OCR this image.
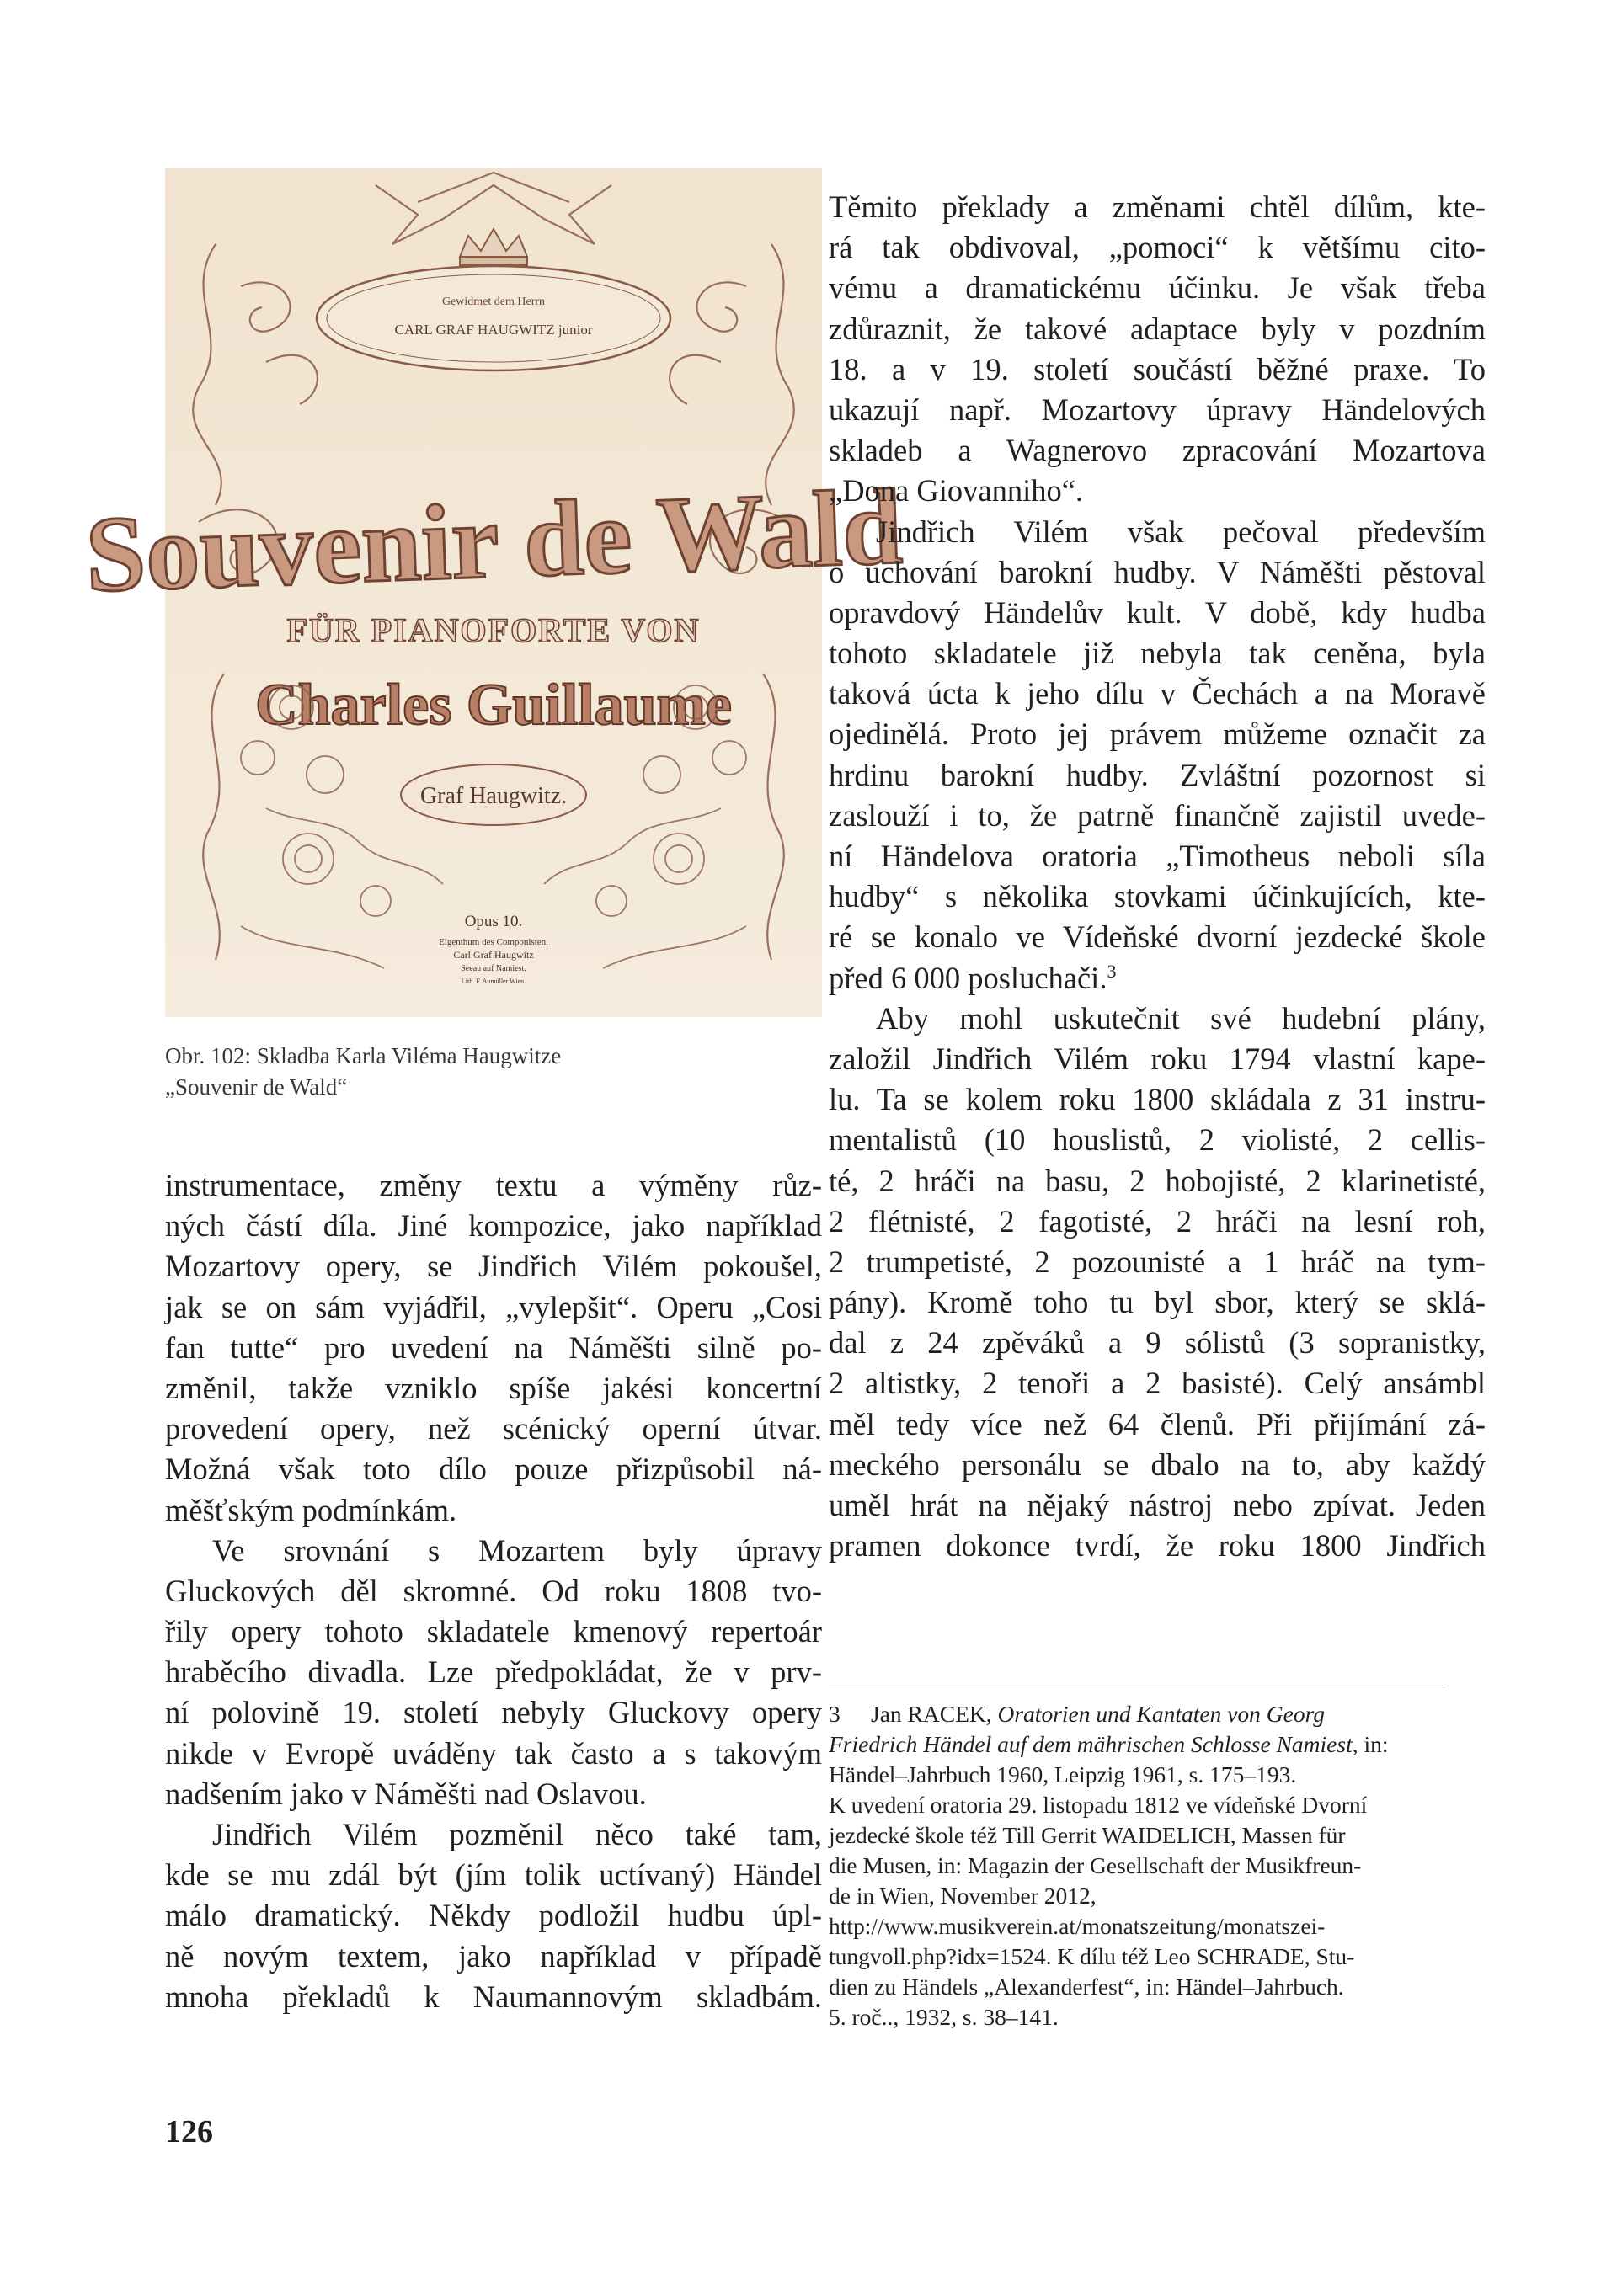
Gewidmet dem Herrn
CARL GRAF HAUGWITZ junior
Souvenir de Wald
FÜR PIANOFORTE VON
Charles Guillaume
Graf Haugwitz.
Opus 10.
Eigenthum des Componisten.
Carl Graf Haugwitz
Seeau auf Namiest.
Lith. F. Aumüller Wien.

Obr. 102: Skladba Karla Viléma Haugwitze

„Souvenir de Wald“

instrumentace, změny textu a výměny růz-
ných částí díla. Jiné kompozice, jako například
Mozartovy opery, se Jindřich Vilém pokoušel,
jak se on sám vyjádřil, „vylepšit“. Operu „Cosi
fan tutte“ pro uvedení na Náměšti silně po-
změnil, takže vzniklo spíše jakési koncertní
provedení opery, než scénický operní útvar.
Možná však toto dílo pouze přizpůsobil ná-
měšťským podmínkám.
Ve srovnání s Mozartem byly úpravy
Gluckových děl skromné. Od roku 1808 tvo-
řily opery tohoto skladatele kmenový repertoár
hraběcího divadla. Lze předpokládat, že v prv-
ní polovině 19. století nebyly Gluckovy opery
nikde v Evropě uváděny tak často a s takovým
nadšením jako v Náměšti nad Oslavou.
Jindřich Vilém pozměnil něco také tam,
kde se mu zdál být (jím tolik uctívaný) Händel
málo dramatický. Někdy podložil hudbu úpl-
ně novým textem, jako například v případě
mnoha překladů k Naumannovým skladbám.
Těmito překlady a změnami chtěl dílům, kte-
rá tak obdivoval, „pomoci“ k většímu cito-
vému a dramatickému účinku. Je však třeba
zdůraznit, že takové adaptace byly v pozdním
18. a v 19. století součástí běžné praxe. To
ukazují např. Mozartovy úpravy Händelových
skladeb a Wagnerovo zpracování Mozartova
„Dona Giovanniho“.
Jindřich Vilém však pečoval především
o uchování barokní hudby. V Náměšti pěstoval
opravdový Händelův kult. V době, kdy hudba
tohoto skladatele již nebyla tak ceněna, byla
taková úcta k jeho dílu v Čechách a na Moravě
ojedinělá. Proto jej právem můžeme označit za
hrdinu barokní hudby. Zvláštní pozornost si
zaslouží i to, že patrně finančně zajistil uvede-
ní Händelova oratoria „Timotheus neboli síla
hudby“ s několika stovkami účinkujících, kte-
ré se konalo ve Vídeňské dvorní jezdecké škole
před 6 000 posluchači.$^3$
Aby mohl uskutečnit své hudební plány,
založil Jindřich Vilém roku 1794 vlastní kape-
lu. Ta se kolem roku 1800 skládala z 31 instru-
mentalistů (10 houslistů, 2 violisté, 2 cellis-
té, 2 hráči na basu, 2 hobojisté, 2 klarinetisté,
2 flétnisté, 2 fagotisté, 2 hráči na lesní roh,
2 trumpetisté, 2 pozounisté a 1 hráč na tym-
pány). Kromě toho tu byl sbor, který se sklá-
dal z 24 zpěváků a 9 sólistů (3 sopranistky,
2 altistky, 2 tenoři a 2 basisté). Celý ansámbl
měl tedy více než 64 členů. Při přijímání zá-
meckého personálu se dbalo na to, aby každý
uměl hrát na nějaký nástroj nebo zpívat. Jeden
pramen dokonce tvrdí, že roku 1800 Jindřich
3 Jan RACEK, Oratorien und Kantaten von Georg
Friedrich Händel auf dem mährischen Schlosse Namiest, in:
Händel–Jahrbuch 1960, Leipzig 1961, s. 175–193.
K uvedení oratoria 29. listopadu 1812 ve vídeňské Dvorní
jezdecké škole též Till Gerrit WAIDELICH, Massen für
die Musen, in: Magazin der Gesellschaft der Musikfreun-
de in Wien, November 2012,
http://www.musikverein.at/monatszeitung/monatszei-
tungvoll.php?idx=1524. K dílu též Leo SCHRADE, Stu-
dien zu Händels „Alexanderfest“, in: Händel–Jahrbuch.
5. roč.., 1932, s. 38–141.
126
